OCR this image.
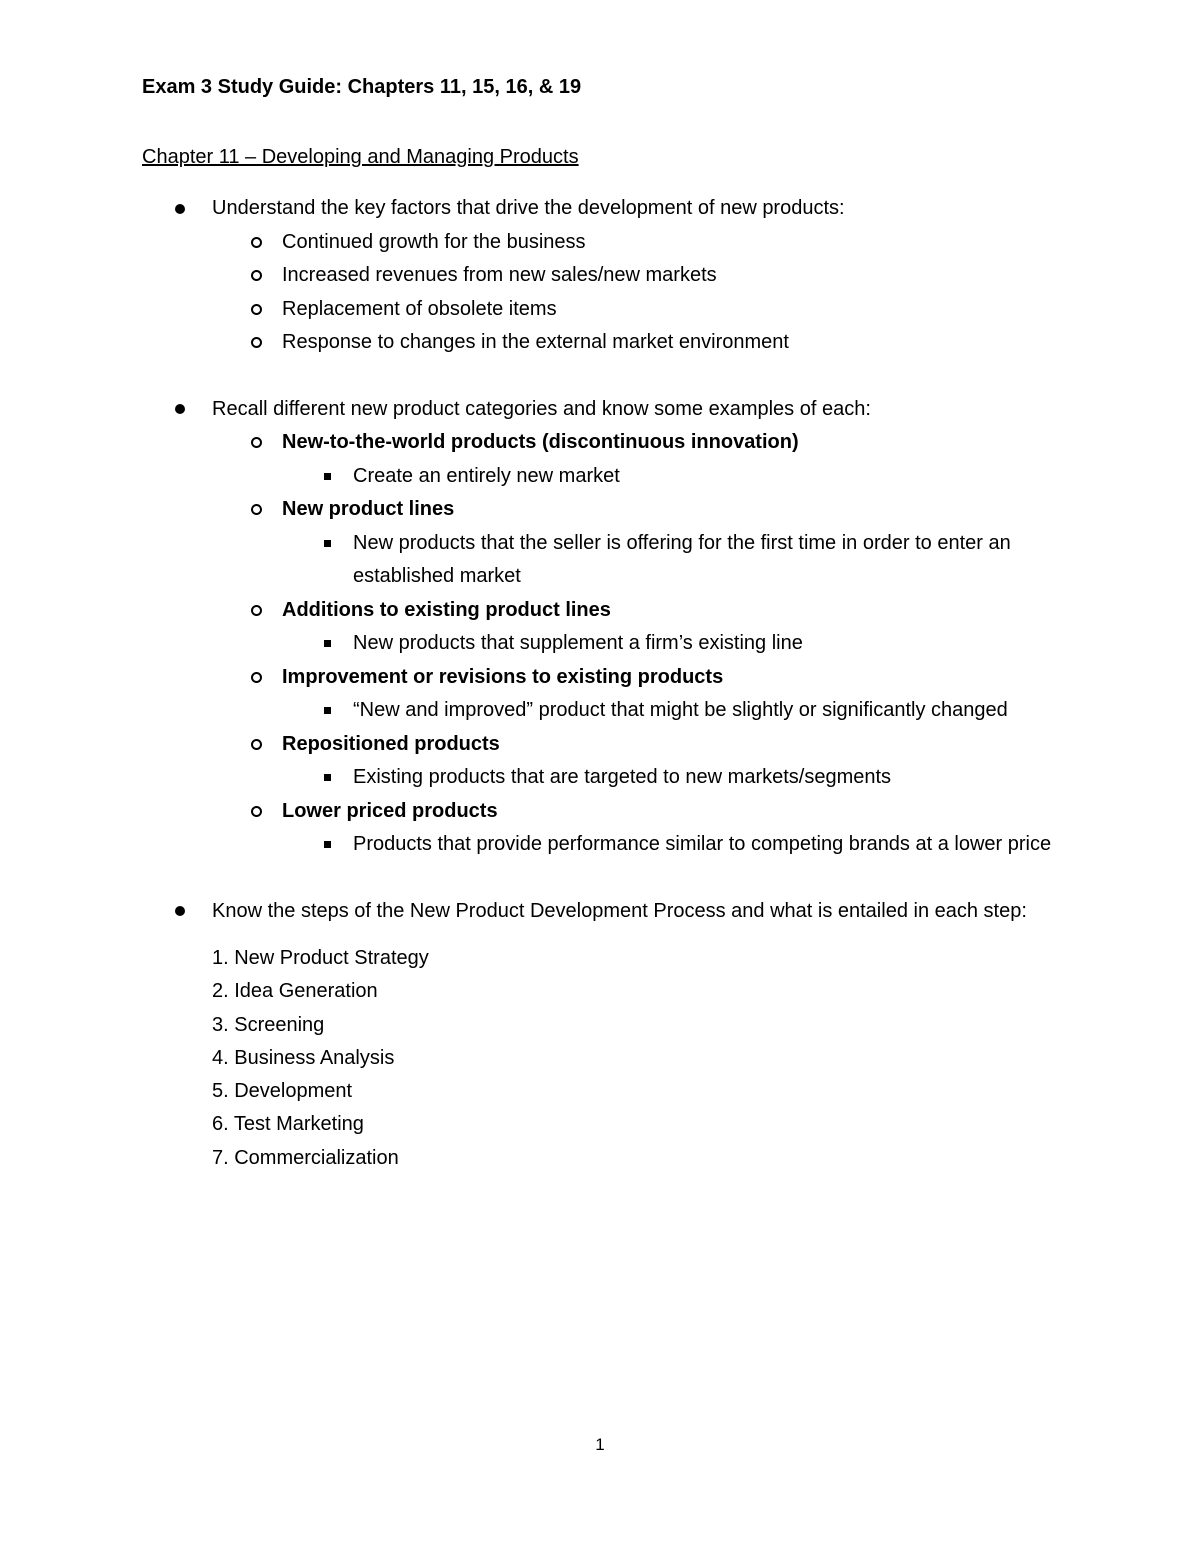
Exam 3 Study Guide: Chapters 11, 15, 16, & 19
Chapter 11 – Developing and Managing Products
Understand the key factors that drive the development of new products:
Continued growth for the business
Increased revenues from new sales/new markets
Replacement of obsolete items
Response to changes in the external market environment
Recall different new product categories and know some examples of each:
New-to-the-world products (discontinuous innovation)
Create an entirely new market
New product lines
New products that the seller is offering for the first time in order to enter an established market
Additions to existing product lines
New products that supplement a firm’s existing line
Improvement or revisions to existing products
“New and improved” product that might be slightly or significantly changed
Repositioned products
Existing products that are targeted to new markets/segments
Lower priced products
Products that provide performance similar to competing brands at a lower price
Know the steps of the New Product Development Process and what is entailed in each step:
1. New Product Strategy
2. Idea Generation
3. Screening
4. Business Analysis
5. Development
6. Test Marketing
7. Commercialization
1
